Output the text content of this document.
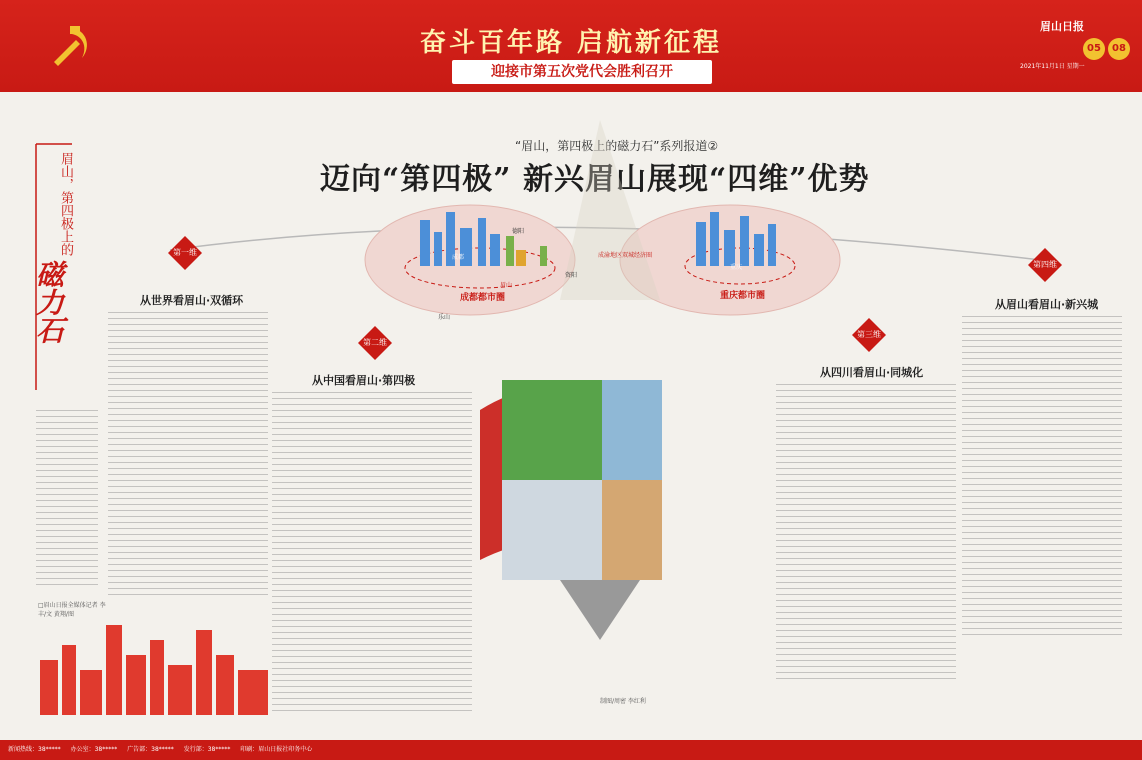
奋斗百年路 启航新征程
迎接市第五次党代会胜利召开
眉山日报
05	08
2021年11月1日 星期一
“眉山，第四极上的磁力石”系列报道②
迈向“第四极” 新兴眉山展现“四维”优势
眉山，第四极上的
磁力石
成渝地区双城经济圈
成都都市圈	重庆都市圈
成都
德阳
资阳
眉山
乐山
重庆
第一维
从世界看眉山·双循环
第二维
从中国看眉山·第四极
第三维
从四川看眉山·同城化
第四维
从眉山看眉山·新兴城
□眉山日报全媒体记者 李丰/文 黄翔/图
制图/周密 李红利
新闻热线：38***** 办公室：38***** 广告部：38***** 发行部：38***** 印刷：眉山日报社印务中心
